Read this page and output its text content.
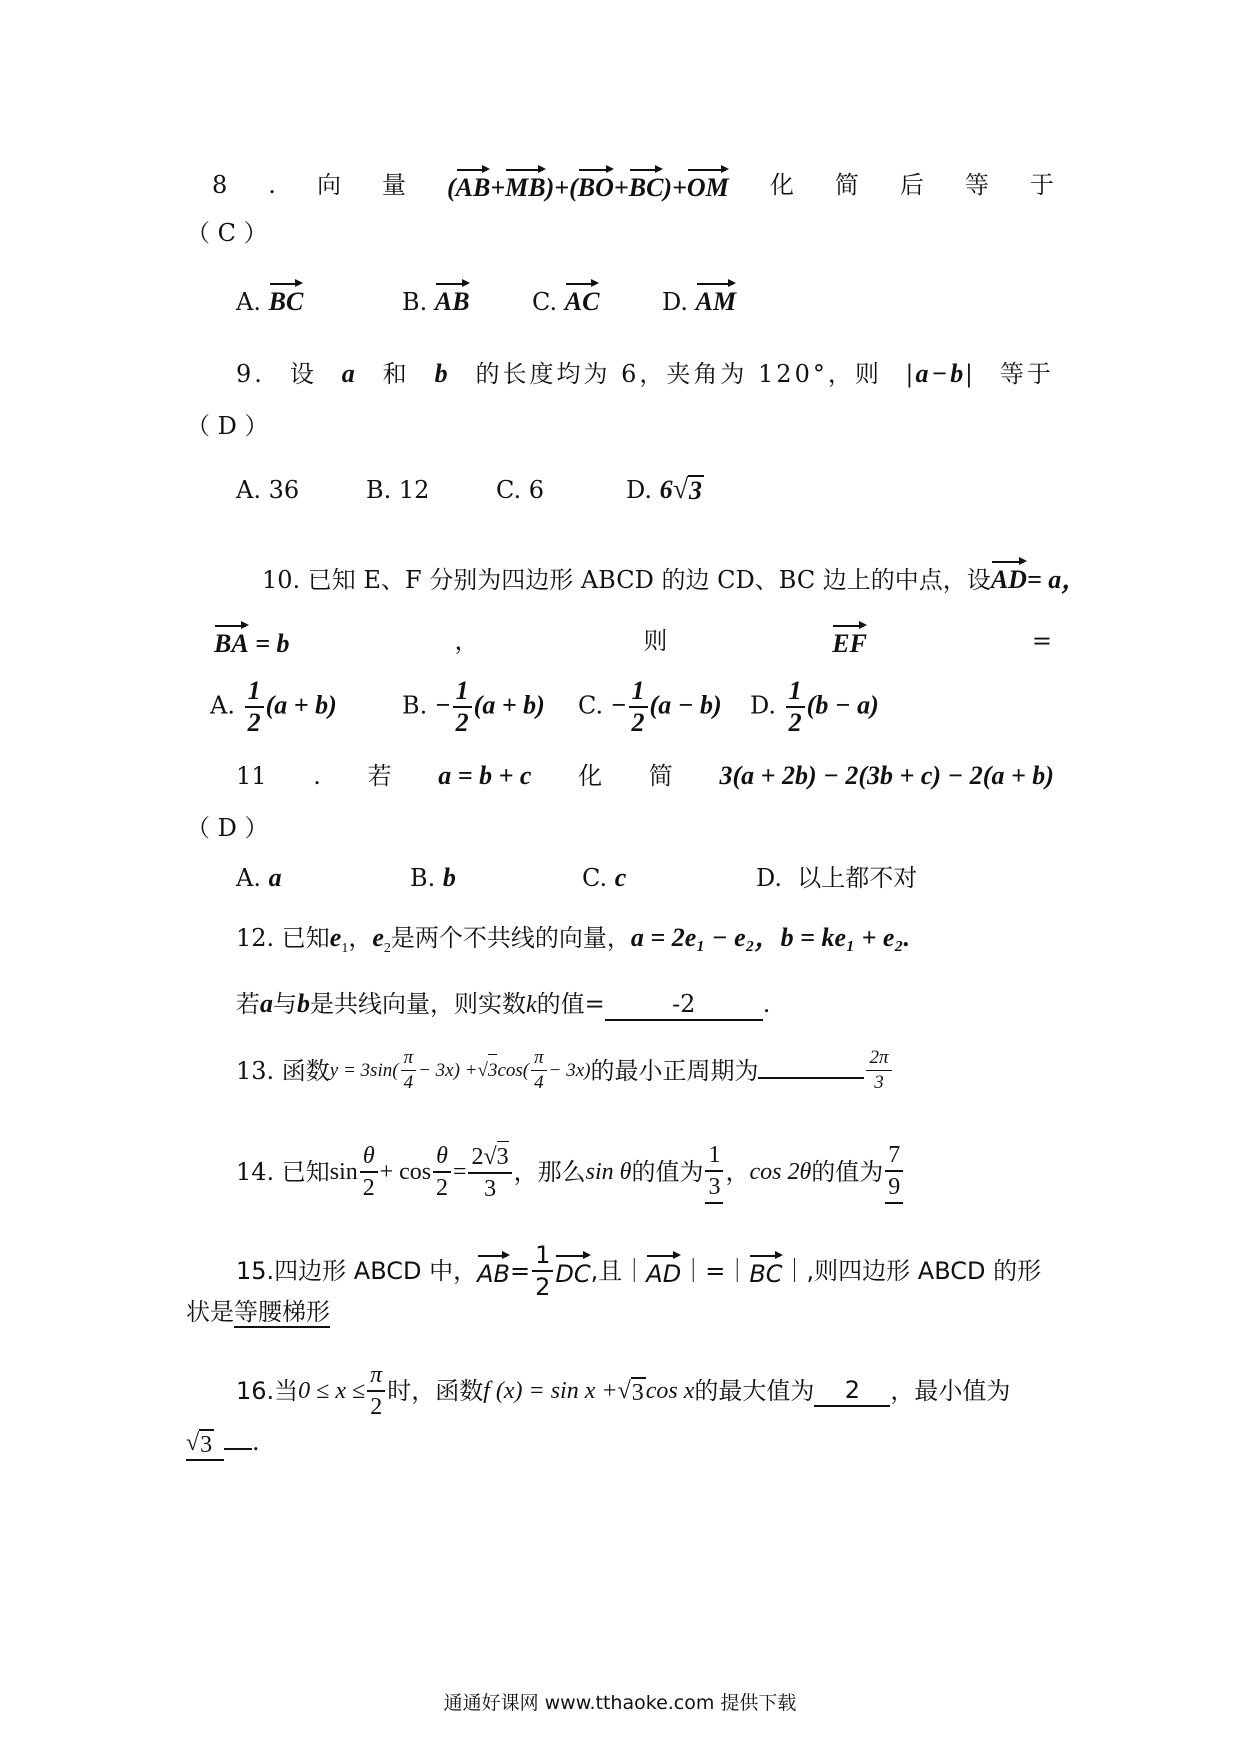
8 . 向 量 (AB+MB)+(BO+BC)+OM 化 简 后 等 于
（ C ）
A. BC	B. AB	C. AC	D. AM
9. 设 a 和 b 的长度均为 6，夹角为 120°，则 |a−b| 等于
（ D ）
A. 36	B. 12	C. 6	D. 6 √ 3
10. 已知 E、F 分别为四边形 ABCD 的边 CD、BC 边上的中点，设AD= a，
BA = b	，	则	EF	=
A. $\frac{1}{2} (a + b)$	B. − $\frac{1}{2} (a + b) C$. − $\frac{1}{2} (a - b)$ D. $\frac{1}{2} (b - a)$
11 . 若 a = b + c 化 简 3(a + 2b) − 2(3b + c) − 2(a + b)
（ D ）
A. a	B. b	C. c	D. 以上都不对
12. 已知$e_1$，$e_2$是两个不共线的向量，a = 2e₁ − e₂，b = ke₁ + e₂.
若a与b是共线向量，则实数k的值=	-2	.
13. 函数 $y = 3\sin( \frac{\pi}{4} - 3x)$ + √ 3 $\cos( \frac{\pi}{4} - 3x)$ 的最小正周期为	$\frac{2\pi}{3}$
14. 已知 $\sin \frac{\theta}{2} + \cos \frac{\theta}{2} = \frac{2 √ 3}{3}$ ，那么 sin θ 的值为 $\frac{1}{3}$ ， cos 2θ 的值为 $\frac{7}{9}$
15.四边形 ABCD 中， AB = $\frac{1}{2}$ DC ,且｜ AD ｜=｜ BC ｜,则四边形 ABCD 的形
状是等腰梯形
16.当 $0 \le x \le \frac{\pi}{2}$ 时，函数 f (x) = sin x + √ 3 cos x 的最大值为	2	，最小值为
√ 3 .
通通好课网 www.tthaoke.com 提供下载
